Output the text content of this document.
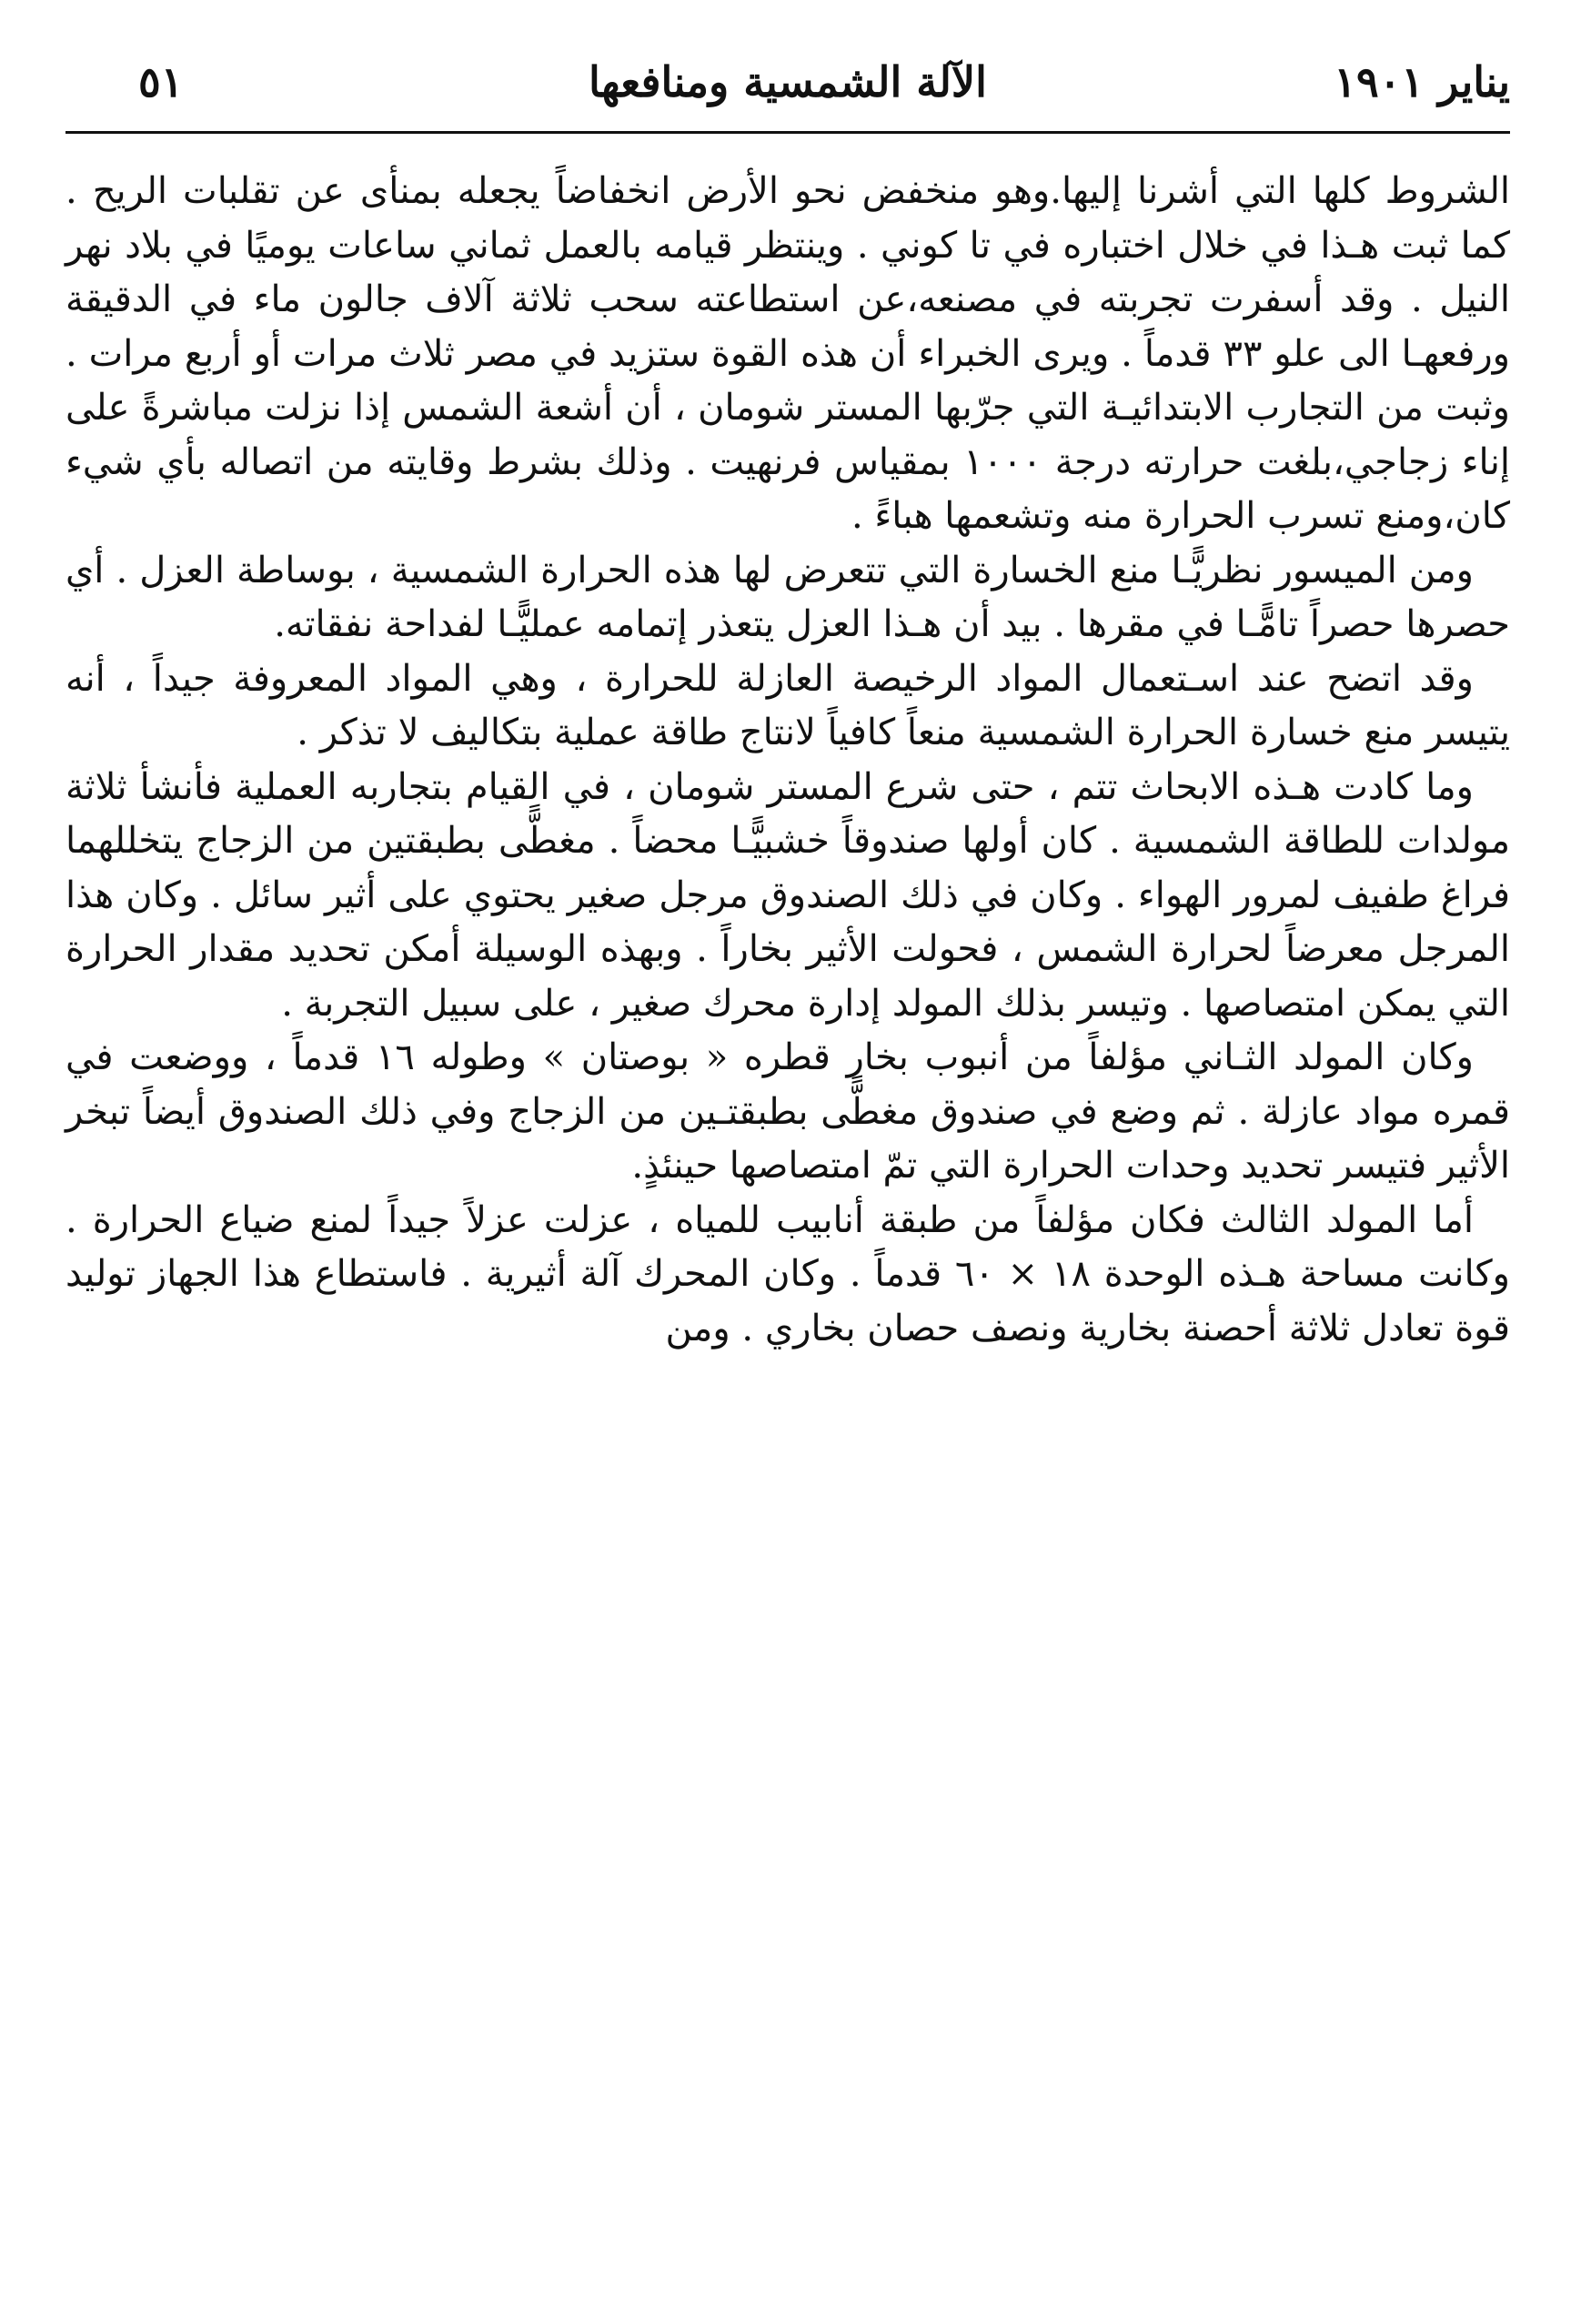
يناير ١٩٠١
الآلة الشمسية ومنافعها
٥١

الشروط كلها التي أشرنا إليها.وهو منخفض نحو الأرض انخفاضاً يجعله بمنأى عن تقلبات الريح . كما ثبت هـذا في خلال اختباره في تا كوني . وينتظر قيامه بالعمل ثماني ساعات يوميًا في بلاد نهر النيل . وقد أسفرت تجربته في مصنعه،عن استطاعته سحب ثلاثة آلاف جالون ماء في الدقيقة ورفعهـا الى علو ٣٣ قدماً . ويرى الخبراء أن هذه القوة ستزيد في مصر ثلاث مرات أو أربع مرات . وثبت من التجارب الابتدائيـة التي جرّبها المستر شومان ، أن أشعة الشمس إذا نزلت مباشرةً على إناء زجاجي،بلغت حرارته درجة ١٠٠٠ بمقياس فرنهيت . وذلك بشرط وقايته من اتصاله بأي شيء كان،ومنع تسرب الحرارة منه وتشعمها هباءً .

ومن الميسور نظريًّـا منع الخسارة التي تتعرض لها هذه الحرارة الشمسية ، بوساطة العزل . أي حصرها حصراً تامًّـا في مقرها . بيد أن هـذا العزل يتعذر إتمامه عمليًّـا لفداحة نفقاته.

وقد اتضح عند اسـتعمال المواد الرخيصة العازلة للحرارة ، وهي المواد المعروفة جيداً ، أنه يتيسر منع خسارة الحرارة الشمسية منعاً كافياً لانتاج طاقة عملية بتكاليف لا تذكر .

وما كادت هـذه الابحاث تتم ، حتى شرع المستر شومان ، في القيام بتجاربه العملية فأنشأ ثلاثة مولدات للطاقة الشمسية . كان أولها صندوقاً خشبيًّـا محضاً . مغطًّى بطبقتين من الزجاج يتخللهما فراغ طفيف لمرور الهواء . وكان في ذلك الصندوق مرجل صغير يحتوي على أثير سائل . وكان هذا المرجل معرضاً لحرارة الشمس ، فحولت الأثير بخاراً . وبهذه الوسيلة أمكن تحديد مقدار الحرارة التي يمكن امتصاصها . وتيسر بذلك المولد إدارة محرك صغير ، على سبيل التجربة .

وكان المولد الثـاني مؤلفاً من أنبوب بخار قطره « بوصتان » وطوله ١٦ قدماً ، ووضعت في قمره مواد عازلة . ثم وضع في صندوق مغطًّى بطبقتـين من الزجاج وفي ذلك الصندوق أيضاً تبخر الأثير فتيسر تحديد وحدات الحرارة التي تمّ امتصاصها حينئذٍ.

أما المولد الثالث فكان مؤلفاً من طبقة أنابيب للمياه ، عزلت عزلاً جيداً لمنع ضياع الحرارة . وكانت مساحة هـذه الوحدة ١٨ × ٦٠ قدماً . وكان المحرك آلة أثيرية . فاستطاع هذا الجهاز توليد قوة تعادل ثلاثة أحصنة بخارية ونصف حصان بخاري . ومن
